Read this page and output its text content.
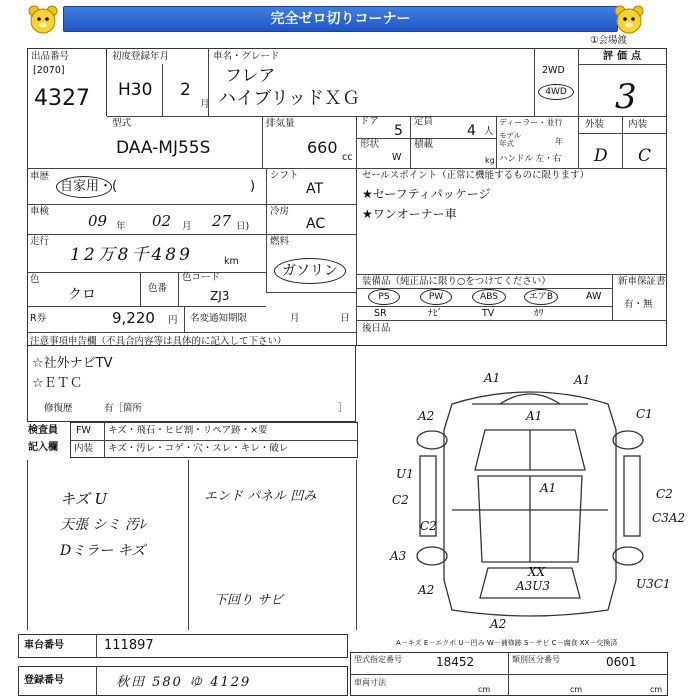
完全ゼロ切りコーナー
①会場渡
出品番号
[2070]
4327
初度登録年月
H30 2
月
車名・グレード
フレア
ハイブリッドＸＧ
2WD
4WD
評価点
3
外装	内装
D C
型式
DAA-MJ55S
排気量
660
cc
ドア
5
定員
4 人
ディーラー・並行
モデル年式	年
ハンドル 左・右
形状
W
積載
kg
車歴
自家用・(	)
シフト
AT
セールスポイント（正常に機能するものに限ります）
★セーフティパッケージ
★ワンオーナー車
車検
09 年 02 月 27 日)
冷房
AC
走行
12万8千489	km
燃料
ガソリン
色
クロ	色番
色コード
ZJ3
R券	9,220 円 名変通知期限	月	日
装備品（純正品に限り○をつけてください）	新車保証書
有・無
PS	PW	ABS	エアB	AW
SR	ﾅﾋﾞ	TV	ｶﾜ
後日品
注意事項申告欄（不具合内容等は具体的に記入して下さい）
☆社外ナビTV
☆ＥＴＣ
修復歴	有［箇所	］
検査員
記入欄
FW キズ・飛石・ヒビ割・リペア跡・×要
内装 キズ・汚レ・コゲ・穴・スレ・キレ・破レ
キズ U
天張 シミ 汚ﾚ
Dミラー キズ
エンド パネル 凹み
下回り サビ
A1	A1
A2	A1	C1
U1
C2
A1	C2
C3A2
C2
A3
A3U3	U3C1
A2
A2
XX
A－キズ E－エクボ U－凹み W－補修跡 S－サビ C－腐食 XX－交換済
車台番号	111897
登録番号	秋田 580 ゆ 4129
型式指定番号	18452	類別区分番号	0601
車両寸法
cm	cm	cm
